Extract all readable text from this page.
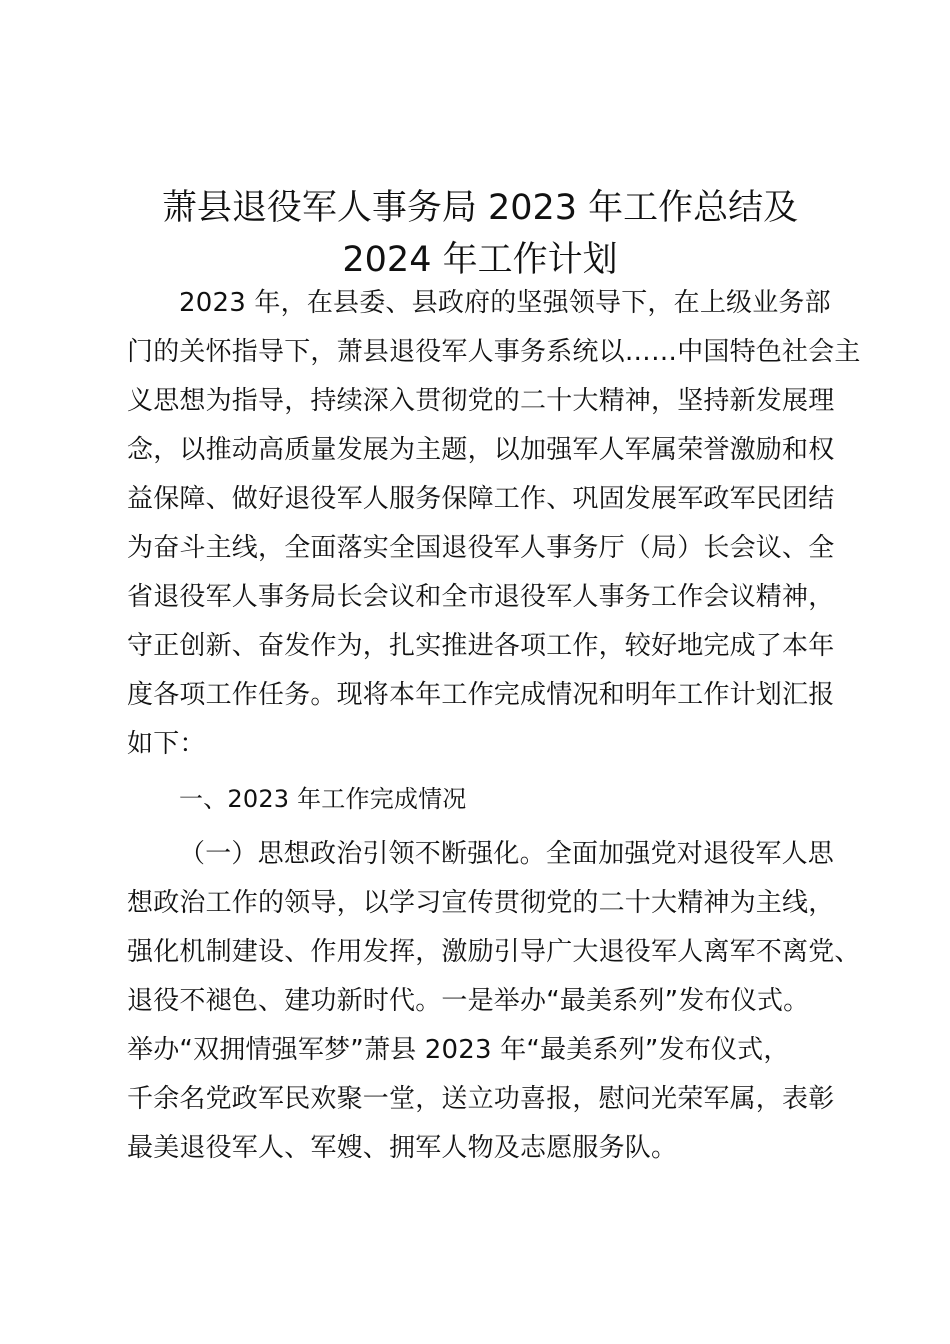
萧县退役军人事务局 2023 年工作总结及
2024 年工作计划
2023 年，在县委、县政府的坚强领导下，在上级业务部
门的关怀指导下，萧县退役军人事务系统以……中国特色社会主
义思想为指导，持续深入贯彻党的二十大精神，坚持新发展理
念，以推动高质量发展为主题，以加强军人军属荣誉激励和权
益保障、做好退役军人服务保障工作、巩固发展军政军民团结
为奋斗主线，全面落实全国退役军人事务厅（局）长会议、全
省退役军人事务局长会议和全市退役军人事务工作会议精神，
守正创新、奋发作为，扎实推进各项工作，较好地完成了本年
度各项工作任务。现将本年工作完成情况和明年工作计划汇报
如下：
一、2023 年工作完成情况
（一）思想政治引领不断强化。全面加强党对退役军人思
想政治工作的领导，以学习宣传贯彻党的二十大精神为主线，
强化机制建设、作用发挥，激励引导广大退役军人离军不离党、
退役不褪色、建功新时代。一是举办“最美系列”发布仪式。
举办“双拥情强军梦”萧县 2023 年“最美系列”发布仪式，
千余名党政军民欢聚一堂，送立功喜报，慰问光荣军属，表彰
最美退役军人、军嫂、拥军人物及志愿服务队。
